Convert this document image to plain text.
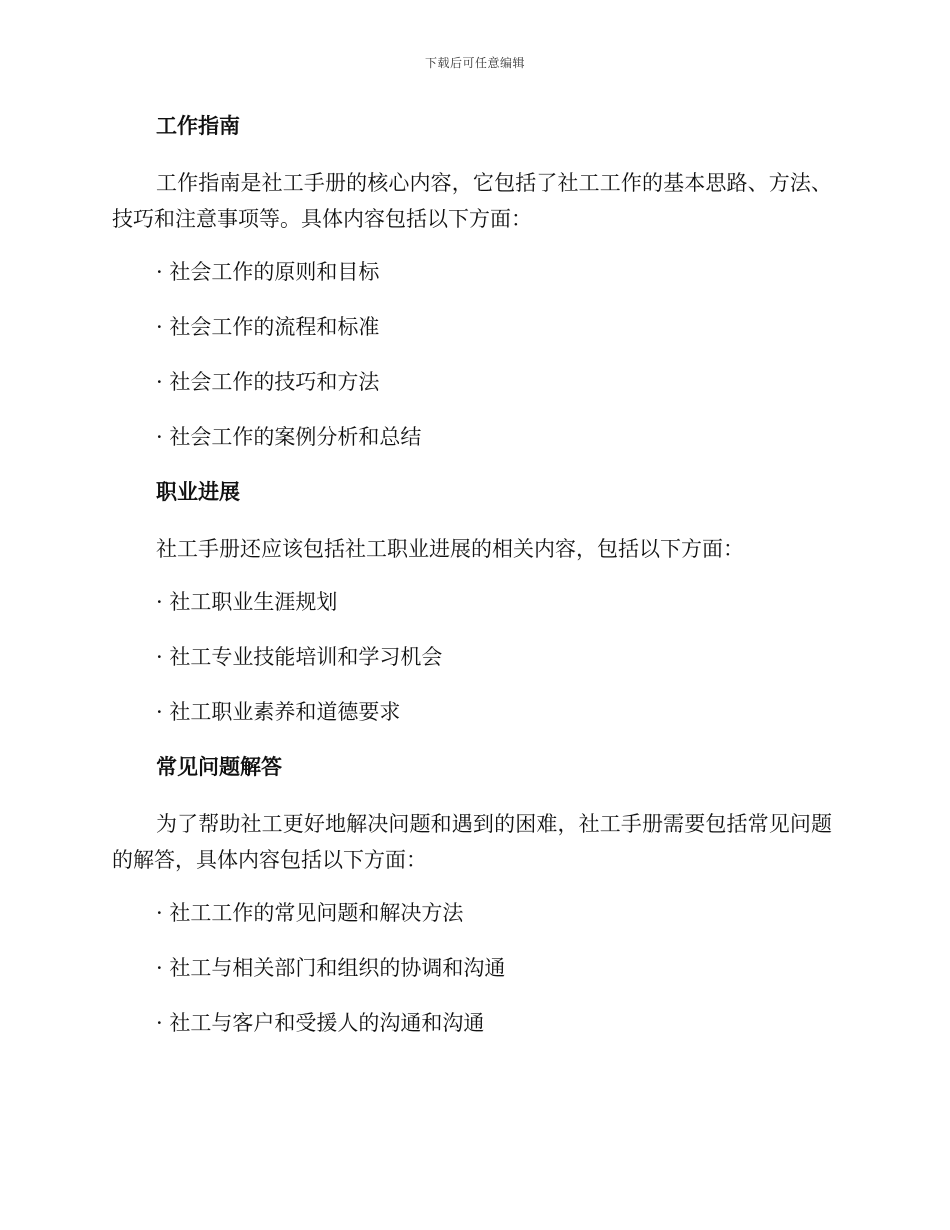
下载后可任意编辑
工作指南

工作指南是社工手册的核心内容，它包括了社工工作的基本思路、方法、技巧和注意事项等。具体内容包括以下方面：

· 社会工作的原则和目标
· 社会工作的流程和标准
· 社会工作的技巧和方法
· 社会工作的案例分析和总结
职业进展

社工手册还应该包括社工职业进展的相关内容，包括以下方面：

· 社工职业生涯规划
· 社工专业技能培训和学习机会
· 社工职业素养和道德要求
常见问题解答

为了帮助社工更好地解决问题和遇到的困难，社工手册需要包括常见问题的解答，具体内容包括以下方面：

· 社工工作的常见问题和解决方法
· 社工与相关部门和组织的协调和沟通
· 社工与客户和受援人的沟通和沟通
